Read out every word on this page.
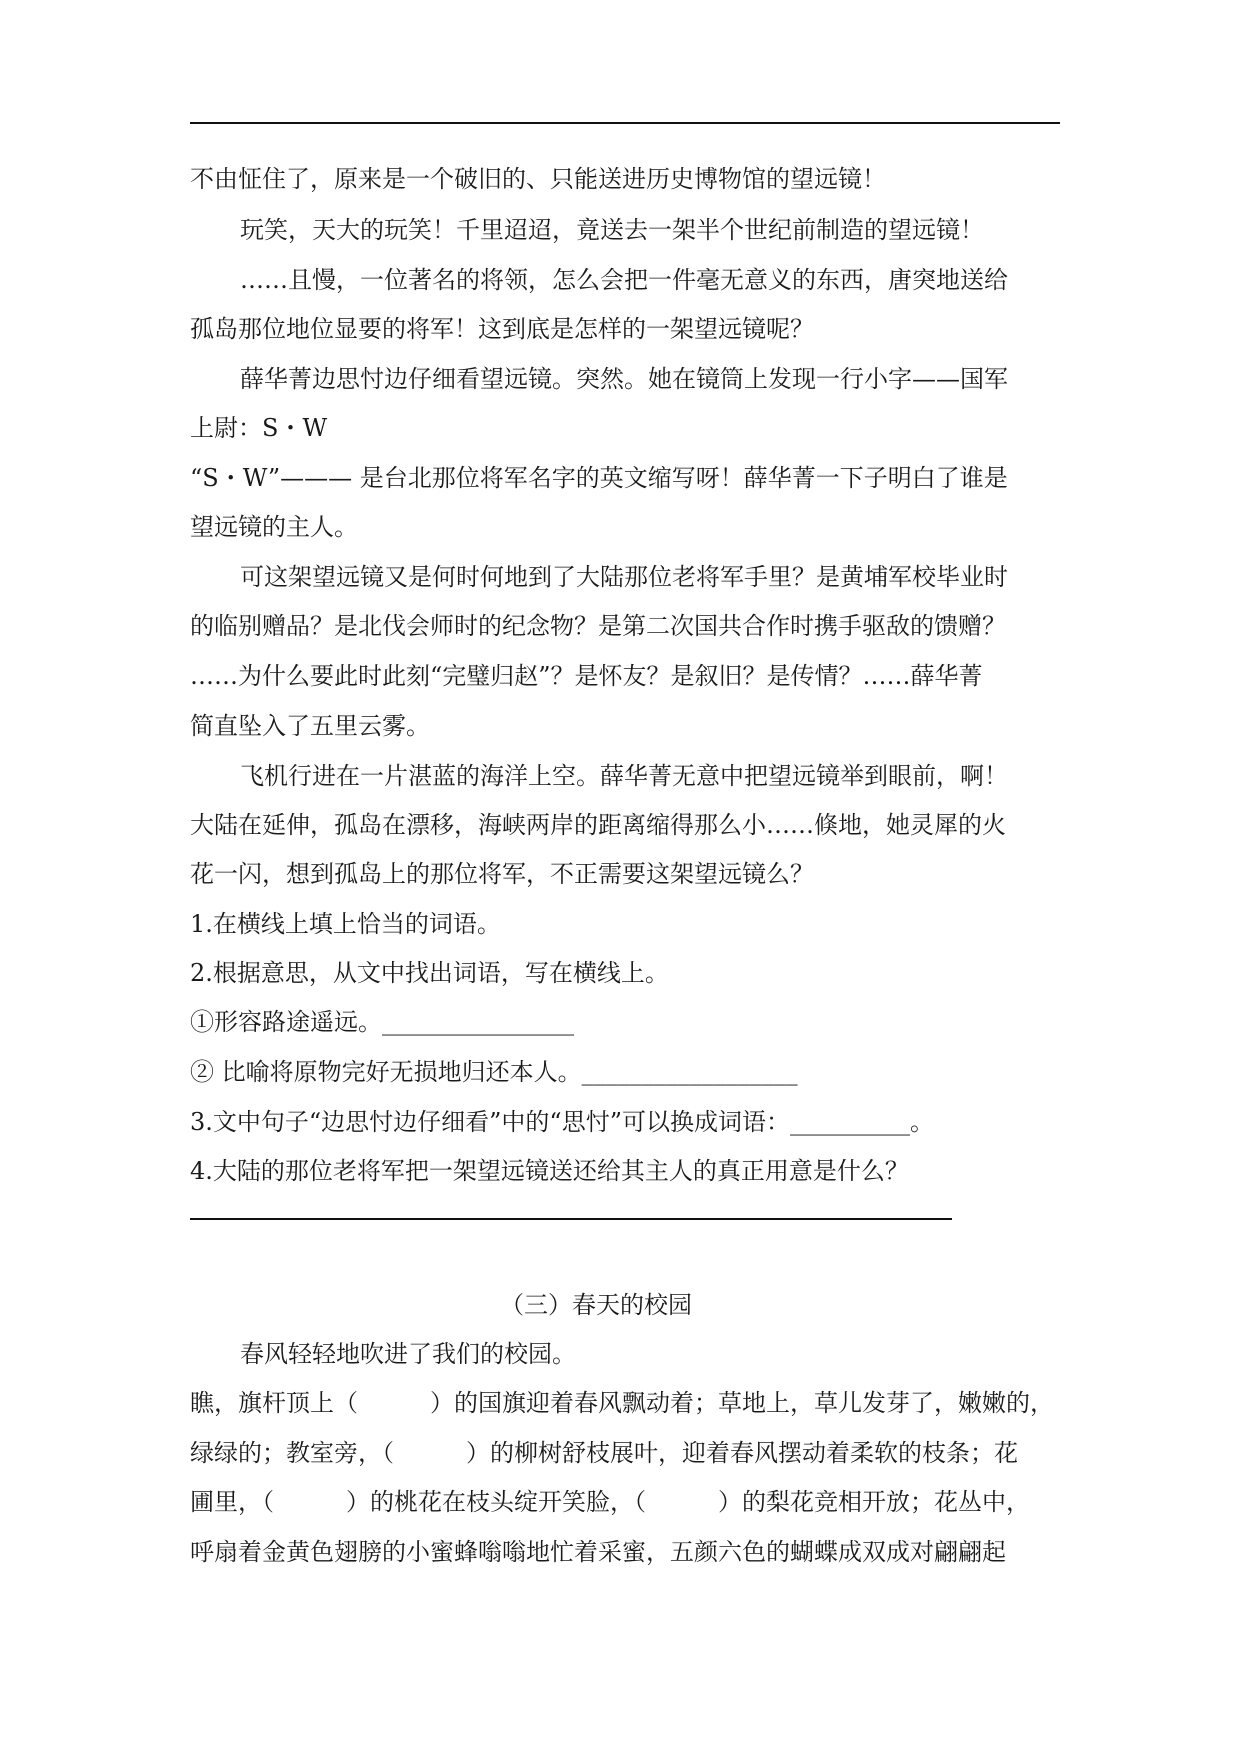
不由怔住了，原来是一个破旧的、只能送进历史博物馆的望远镜！
玩笑，天大的玩笑！千里迢迢，竟送去一架半个世纪前制造的望远镜！
……且慢，一位著名的将领，怎么会把一件毫无意义的东西，唐突地送给
孤岛那位地位显要的将军！这到底是怎样的一架望远镜呢？
薛华菁边思忖边仔细看望远镜。突然。她在镜筒上发现一行小字——国军
上尉：S・W
“S・W”——— 是台北那位将军名字的英文缩写呀！薛华菁一下子明白了谁是
望远镜的主人。
可这架望远镜又是何时何地到了大陆那位老将军手里？是黄埔军校毕业时
的临别赠品？是北伐会师时的纪念物？是第二次国共合作时携手驱敌的馈赠？
……为什么要此时此刻“完璧归赵”？是怀友？是叙旧？是传情？……薛华菁
简直坠入了五里云雾。
飞机行进在一片湛蓝的海洋上空。薛华菁无意中把望远镜举到眼前，啊！
大陆在延伸，孤岛在漂移，海峡两岸的距离缩得那么小……倏地，她灵犀的火
花一闪，想到孤岛上的那位将军，不正需要这架望远镜么？
1.在横线上填上恰当的词语。
2.根据意思，从文中找出词语，写在横线上。
①形容路途遥远。________________
② 比喻将原物完好无损地归还本人。__________________
3.文中句子“边思忖边仔细看”中的“思忖”可以换成词语：__________。
4.大陆的那位老将军把一架望远镜送还给其主人的真正用意是什么？
（三）春天的校园
春风轻轻地吹进了我们的校园。
瞧，旗杆顶上（　　　）的国旗迎着春风飘动着；草地上，草儿发芽了，嫩嫩的，
绿绿的；教室旁，（　　　）的柳树舒枝展叶，迎着春风摆动着柔软的枝条；花
圃里，（　　　）的桃花在枝头绽开笑脸，（　　　）的梨花竞相开放；花丛中，
呼扇着金黄色翅膀的小蜜蜂嗡嗡地忙着采蜜，五颜六色的蝴蝶成双成对翩翩起
